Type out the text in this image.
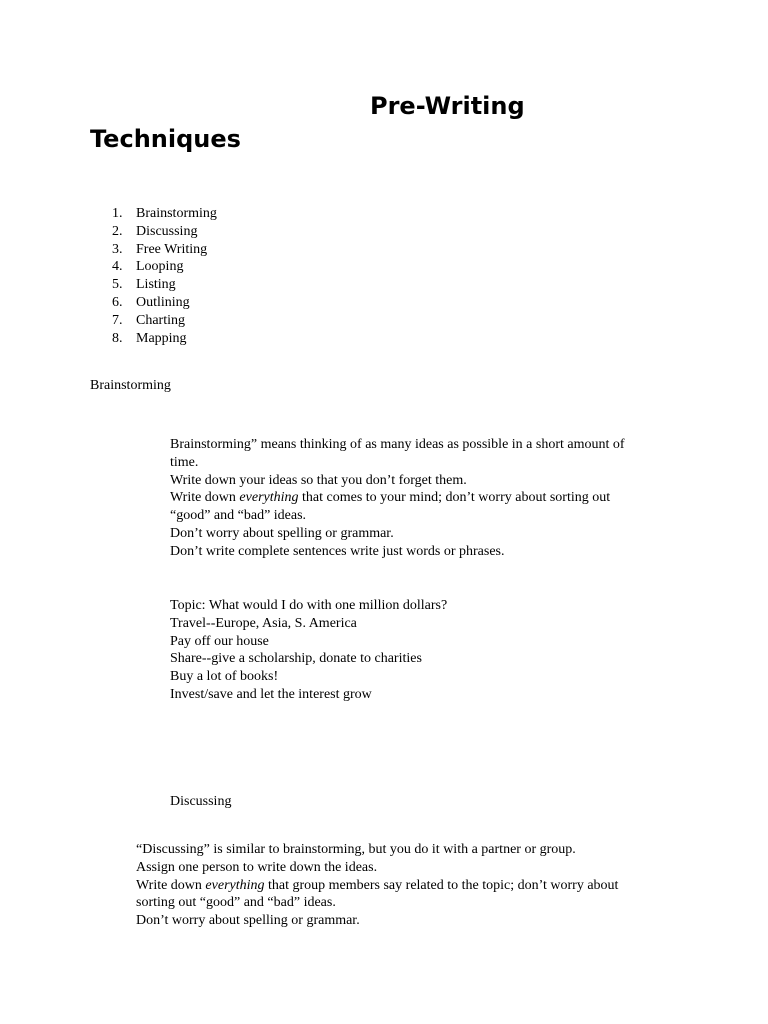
Pre-Writing
Techniques
1. Brainstorming
2. Discussing
3. Free Writing
4. Looping
5. Listing
6. Outlining
7. Charting
8. Mapping
Brainstorming
Brainstorming” means thinking of as many ideas as possible in a short amount of
time.
Write down your ideas so that you don’t forget them.
Write down everything that comes to your mind; don’t worry about sorting out
“good” and “bad” ideas.
Don’t worry about spelling or grammar.
Don’t write complete sentences write just words or phrases.
Topic: What would I do with one million dollars?
Travel--Europe, Asia, S. America
Pay off our house
Share--give a scholarship, donate to charities
Buy a lot of books!
Invest/save and let the interest grow
Discussing
“Discussing” is similar to brainstorming, but you do it with a partner or group.
Assign one person to write down the ideas.
Write down everything that group members say related to the topic; don’t worry about
sorting out “good” and “bad” ideas.
Don’t worry about spelling or grammar.
